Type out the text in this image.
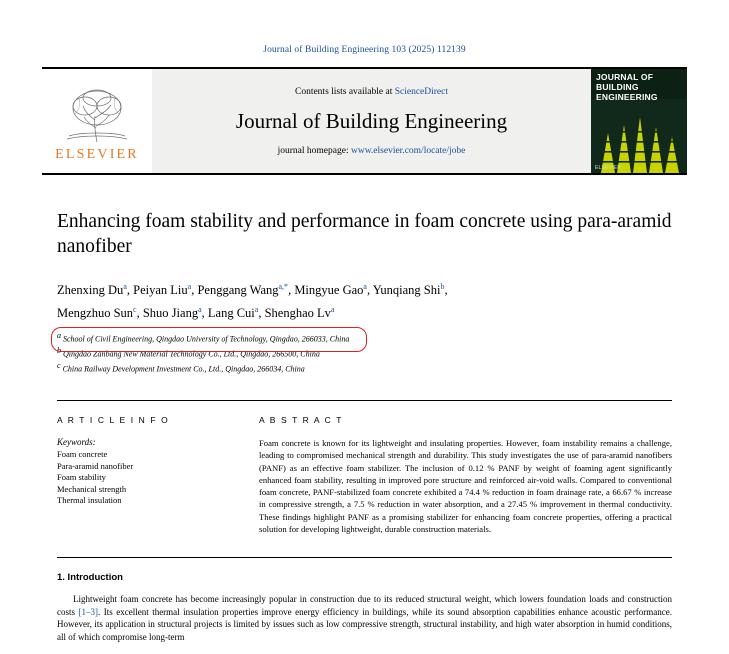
Journal of Building Engineering 103 (2025) 112139
ELSEVIER
Contents lists available at ScienceDirect
Journal of Building Engineering
journal homepage: www.elsevier.com/locate/jobe
JOURNAL OF BUILDING ENGINEERING
ELSEVIER
Enhancing foam stability and performance in foam concrete using para-aramid nanofiber
Zhenxing Du$^a$, Peiyan Liu$^a$, Penggang Wang$^{a,*}$, Mingyue Gao$^a$, Yunqiang Shi$^b$,
Mengzhuo Sun$^c$, Shuo Jiang$^a$, Lang Cui$^a$, Shenghao Lv$^a$
$^a$ School of Civil Engineering, Qingdao University of Technology, Qingdao, 266033, China
$^b$ Qingdao Zanbang New Material Technology Co., Ltd., Qingdao, 266500, China
$^c$ China Railway Development Investment Co., Ltd., Qingdao, 266034, China
A R T I C L E I N F O
Keywords:
Foam concrete
Para-aramid nanofiber
Foam stability
Mechanical strength
Thermal insulation
A B S T R A C T
Foam concrete is known for its lightweight and insulating properties. However, foam instability remains a challenge, leading to compromised mechanical strength and durability. This study investigates the use of para-aramid nanofibers (PANF) as an effective foam stabilizer. The inclusion of 0.12 % PANF by weight of foaming agent significantly enhanced foam stability, resulting in improved pore structure and reinforced air-void walls. Compared to conventional foam concrete, PANF-stabilized foam concrete exhibited a 74.4 % reduction in foam drainage rate, a 66.67 % increase in compressive strength, a 7.5 % reduction in water absorption, and a 27.45 % improvement in thermal conductivity. These findings highlight PANF as a promising stabilizer for enhancing foam concrete properties, offering a practical solution for developing lightweight, durable construction materials.
1. Introduction
Lightweight foam concrete has become increasingly popular in construction due to its reduced structural weight, which lowers foundation loads and construction costs [1–3]. Its excellent thermal insulation properties improve energy efficiency in buildings, while its sound absorption capabilities enhance acoustic performance. However, its application in structural projects is limited by issues such as low compressive strength, structural instability, and high water absorption in humid conditions, all of which compromise long-term
